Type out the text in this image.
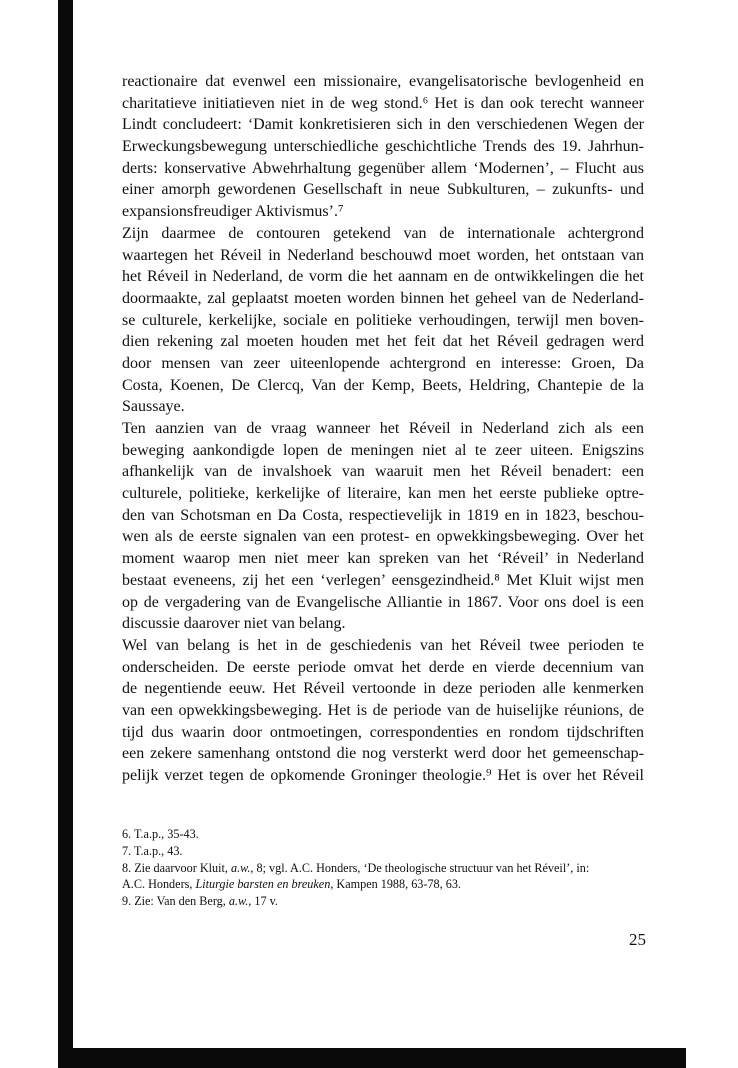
reactionaire dat evenwel een missionaire, evangelisatorische bevlogenheid en
charitatieve initiatieven niet in de weg stond.⁶ Het is dan ook terecht wanneer
Lindt concludeert: ‘Damit konkretisieren sich in den verschiedenen Wegen der
Erweckungsbewegung unterschiedliche geschichtliche Trends des 19. Jahrhun-
derts: konservative Abwehrhaltung gegenüber allem ‘Modernen’, – Flucht aus
einer amorph gewordenen Gesellschaft in neue Subkulturen, – zukunfts- und
expansionsfreudiger Aktivismus’.⁷
Zijn daarmee de contouren getekend van de internationale achtergrond
waartegen het Réveil in Nederland beschouwd moet worden, het ontstaan van
het Réveil in Nederland, de vorm die het aannam en de ontwikkelingen die het
doormaakte, zal geplaatst moeten worden binnen het geheel van de Nederland-
se culturele, kerkelijke, sociale en politieke verhoudingen, terwijl men boven-
dien rekening zal moeten houden met het feit dat het Réveil gedragen werd
door mensen van zeer uiteenlopende achtergrond en interesse: Groen, Da
Costa, Koenen, De Clercq, Van der Kemp, Beets, Heldring, Chantepie de la
Saussaye.
Ten aanzien van de vraag wanneer het Réveil in Nederland zich als een
beweging aankondigde lopen de meningen niet al te zeer uiteen. Enigszins
afhankelijk van de invalshoek van waaruit men het Réveil benadert: een
culturele, politieke, kerkelijke of literaire, kan men het eerste publieke optre-
den van Schotsman en Da Costa, respectievelijk in 1819 en in 1823, beschou-
wen als de eerste signalen van een protest- en opwekkingsbeweging. Over het
moment waarop men niet meer kan spreken van het ‘Réveil’ in Nederland
bestaat eveneens, zij het een ‘verlegen’ eensgezindheid.⁸ Met Kluit wijst men
op de vergadering van de Evangelische Alliantie in 1867. Voor ons doel is een
discussie daarover niet van belang.
Wel van belang is het in de geschiedenis van het Réveil twee perioden te
onderscheiden. De eerste periode omvat het derde en vierde decennium van
de negentiende eeuw. Het Réveil vertoonde in deze perioden alle kenmerken
van een opwekkingsbeweging. Het is de periode van de huiselijke réunions, de
tijd dus waarin door ontmoetingen, correspondenties en rondom tijdschriften
een zekere samenhang ontstond die nog versterkt werd door het gemeenschap-
pelijk verzet tegen de opkomende Groninger theologie.⁹ Het is over het Réveil
6. T.a.p., 35-43.
7. T.a.p., 43.
8. Zie daarvoor Kluit, a.w., 8; vgl. A.C. Honders, ‘De theologische structuur van het Réveil’, in:
A.C. Honders, Liturgie barsten en breuken, Kampen 1988, 63-78, 63.
9. Zie: Van den Berg, a.w., 17 v.
25
